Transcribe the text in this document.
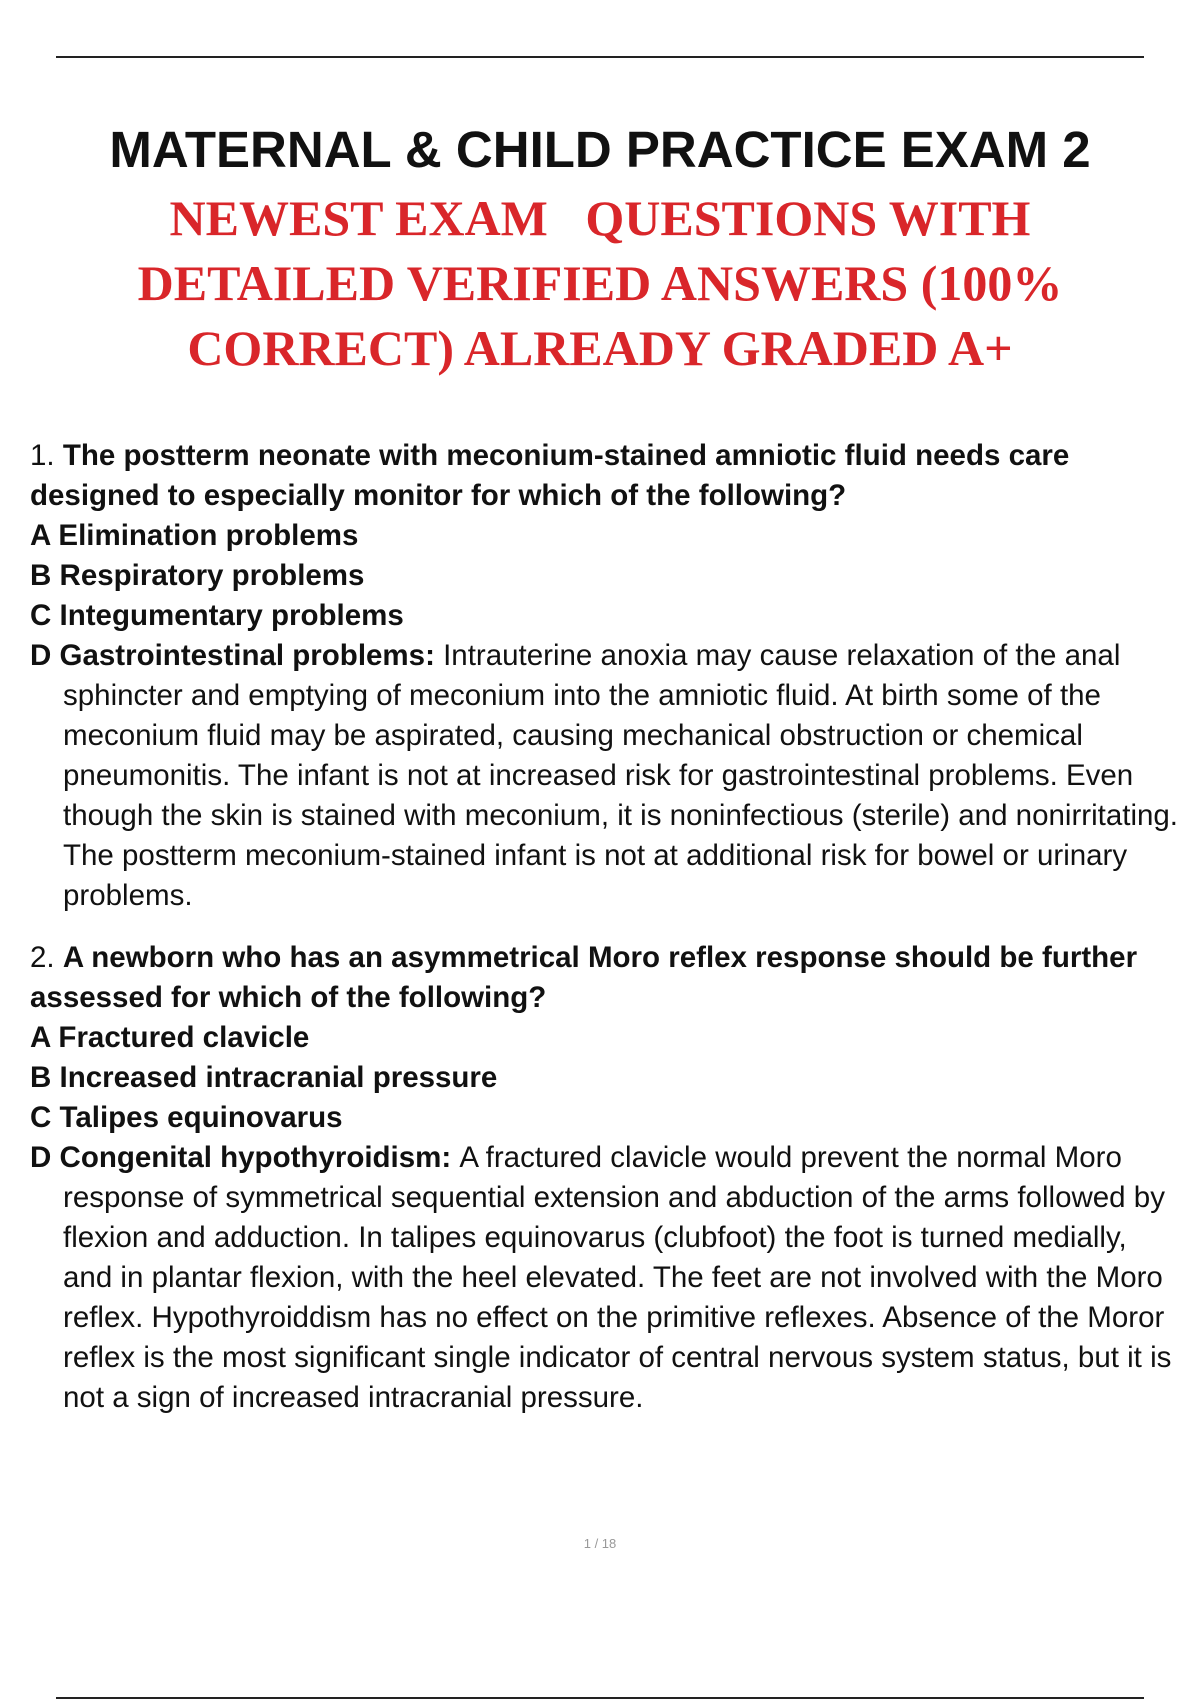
MATERNAL & CHILD PRACTICE EXAM 2
NEWEST EXAM   QUESTIONS WITH
DETAILED VERIFIED ANSWERS (100%
CORRECT) ALREADY GRADED A+
1. The postterm neonate with meconium-stained amniotic fluid needs care designed to especially monitor for which of the following?
A Elimination problems
B Respiratory problems
C Integumentary problems
D Gastrointestinal problems: Intrauterine anoxia may cause relaxation of the anal sphincter and emptying of meconium into the amniotic fluid. At birth some of the meconium fluid may be aspirated, causing mechanical obstruction or chemical pneumonitis. The infant is not at increased risk for gastrointestinal problems. Even though the skin is stained with meconium, it is noninfectious (sterile) and nonirritating. The postterm meconium-stained infant is not at additional risk for bowel or urinary problems.
2. A newborn who has an asymmetrical Moro reflex response should be further assessed for which of the following?
A Fractured clavicle
B Increased intracranial pressure
C Talipes equinovarus
D Congenital hypothyroidism: A fractured clavicle would prevent the normal Moro response of symmetrical sequential extension and abduction of the arms followed by flexion and adduction. In talipes equinovarus (clubfoot) the foot is turned medially, and in plantar flexion, with the heel elevated. The feet are not involved with the Moro reflex. Hypothyroiddism has no effect on the primitive reflexes. Absence of the Moror reflex is the most significant single indicator of central nervous system status, but it is not a sign of increased intracranial pressure.
1 / 18
